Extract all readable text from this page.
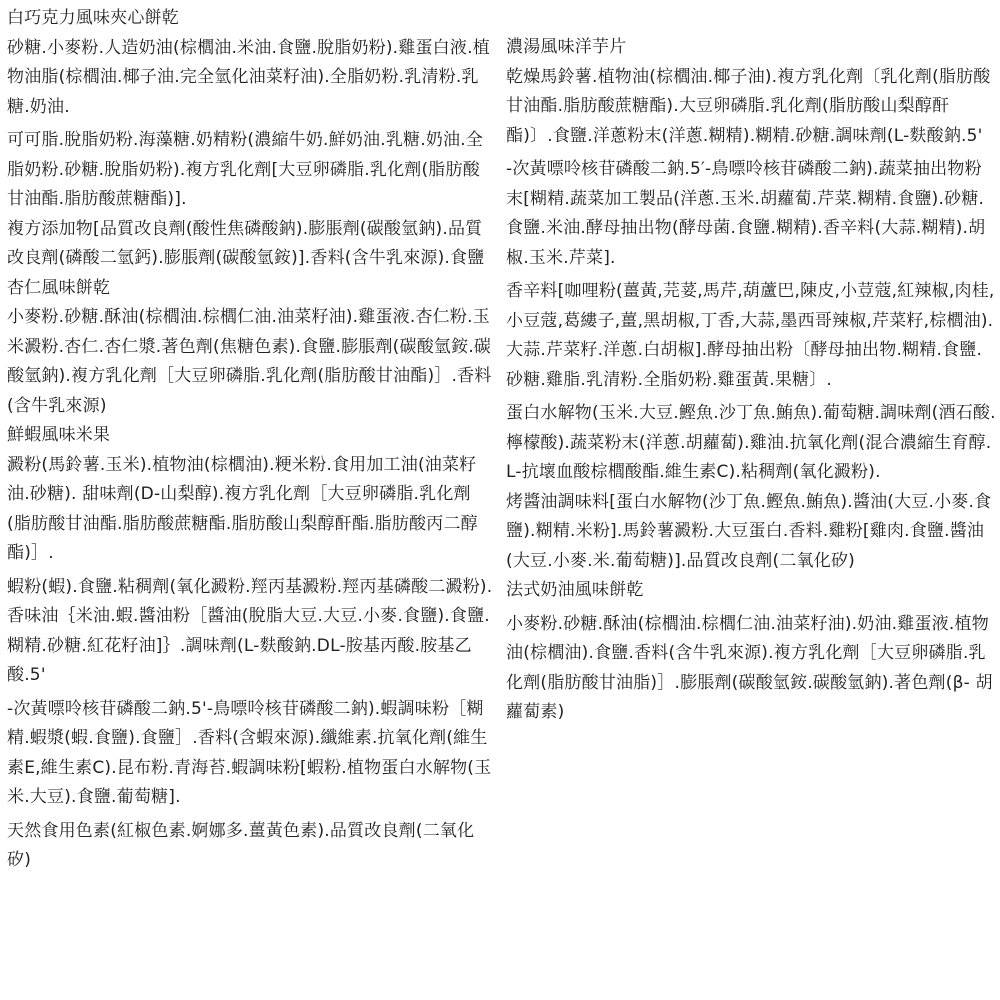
白巧克力風味夾心餅乾

砂糖.小麥粉.人造奶油(棕櫚油.米油.食鹽.脫脂奶粉).雞蛋白液.植物油脂(棕櫚油.椰子油.完全氫化油菜籽油).全脂奶粉.乳清粉.乳糖.奶油.

可可脂.脫脂奶粉.海藻糖.奶精粉(濃縮牛奶.鮮奶油.乳糖.奶油.全脂奶粉.砂糖.脫脂奶粉).複方乳化劑[大豆卵磷脂.乳化劑(脂肪酸甘油酯.脂肪酸蔗糖酯)].

複方添加物[品質改良劑(酸性焦磷酸鈉).膨脹劑(碳酸氫鈉).品質改良劑(磷酸二氫鈣).膨脹劑(碳酸氫銨)].香料(含牛乳來源).食鹽

杏仁風味餅乾

小麥粉.砂糖.酥油(棕櫚油.棕櫚仁油.油菜籽油).雞蛋液.杏仁粉.玉米澱粉.杏仁.杏仁漿.著色劑(焦糖色素).食鹽.膨脹劑(碳酸氫銨.碳酸氫鈉).複方乳化劑［大豆卵磷脂.乳化劑(脂肪酸甘油酯)］.香料(含牛乳來源)

鮮蝦風味米果

澱粉(馬鈴薯.玉米).植物油(棕櫚油).粳米粉.食用加工油(油菜籽油.砂糖). 甜味劑(D-山梨醇).複方乳化劑［大豆卵磷脂.乳化劑(脂肪酸甘油酯.脂肪酸蔗糖酯.脂肪酸山梨醇酐酯.脂肪酸丙二醇酯)］.

蝦粉(蝦).食鹽.粘稠劑(氧化澱粉.羥丙基澱粉.羥丙基磷酸二澱粉).香味油｛米油.蝦.醬油粉［醬油(脫脂大豆.大豆.小麥.食鹽).食鹽.糊精.砂糖.紅花籽油]｝.調味劑(L-麩酸鈉.DL-胺基丙酸.胺基乙酸.5'

-次黃嘌呤核苷磷酸二鈉.5'-鳥嘌呤核苷磷酸二鈉).蝦調味粉［糊精.蝦漿(蝦.食鹽).食鹽］.香料(含蝦來源).纖維素.抗氧化劑(維生素E,維生素C).昆布粉.青海苔.蝦調味粉[蝦粉.植物蛋白水解物(玉米.大豆).食鹽.葡萄糖].

天然食用色素(紅椒色素.婀娜多.薑黃色素).品質改良劑(二氧化矽)

濃湯風味洋芋片

乾燥馬鈴薯.植物油(棕櫚油.椰子油).複方乳化劑〔乳化劑(脂肪酸甘油酯.脂肪酸蔗糖酯).大豆卵磷脂.乳化劑(脂肪酸山梨醇酐酯)〕.食鹽.洋蔥粉末(洋蔥.糊精).糊精.砂糖.調味劑(L-麩酸鈉.5'

-次黃嘌呤核苷磷酸二鈉.5′-鳥嘌呤核苷磷酸二鈉).蔬菜抽出物粉末[糊精.蔬菜加工製品(洋蔥.玉米.胡蘿蔔.芹菜.糊精.食鹽).砂糖.食鹽.米油.酵母抽出物(酵母菌.食鹽.糊精).香辛料(大蒜.糊精).胡椒.玉米.芹菜].

香辛料[咖哩粉(薑黃,芫荽,馬芹,葫蘆巴,陳皮,小荳蔻,紅辣椒,肉桂,小豆蔻,葛縷子,薑,黑胡椒,丁香,大蒜,墨西哥辣椒,芹菜籽,棕櫚油).大蒜.芹菜籽.洋蔥.白胡椒].酵母抽出粉〔酵母抽出物.糊精.食鹽.砂糖.雞脂.乳清粉.全脂奶粉.雞蛋黃.果糖〕.

蛋白水解物(玉米.大豆.鰹魚.沙丁魚.鮪魚).葡萄糖.調味劑(酒石酸.檸檬酸).蔬菜粉末(洋蔥.胡蘿蔔).雞油.抗氧化劑(混合濃縮生育醇. L-抗壞血酸棕櫚酸酯.維生素C).粘稠劑(氧化澱粉).

烤醬油調味料[蛋白水解物(沙丁魚.鰹魚.鮪魚).醬油(大豆.小麥.食鹽).糊精.米粉].馬鈴薯澱粉.大豆蛋白.香料.雞粉[雞肉.食鹽.醬油(大豆.小麥.米.葡萄糖)].品質改良劑(二氧化矽)

法式奶油風味餅乾

小麥粉.砂糖.酥油(棕櫚油.棕櫚仁油.油菜籽油).奶油.雞蛋液.植物油(棕櫚油).食鹽.香料(含牛乳來源).複方乳化劑［大豆卵磷脂.乳化劑(脂肪酸甘油脂)］.膨脹劑(碳酸氫銨.碳酸氫鈉).著色劑(β- 胡蘿蔔素)
